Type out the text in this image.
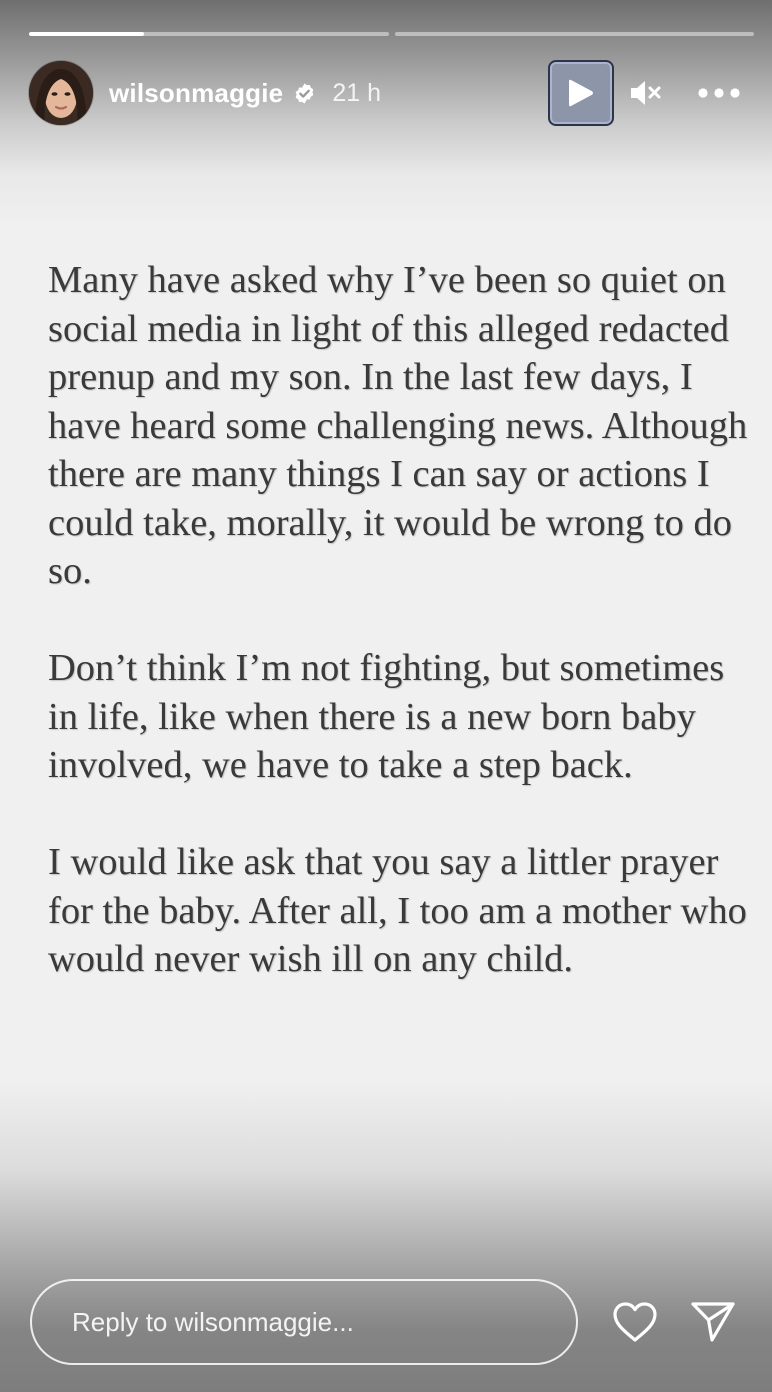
wilsonmaggie 21 h

Many have asked why I’ve been so quiet on social media in light of this alleged redacted prenup and my son. In the last few days, I have heard some challenging news. Although there are many things I can say or actions I could take, morally, it would be wrong to do so.

Don’t think I’m not fighting, but sometimes in life, like when there is a new born baby involved, we have to take a step back.

I would like ask that you say a littler prayer for the baby. After all, I too am a mother who would never wish ill on any child.

Reply to wilsonmaggie...
